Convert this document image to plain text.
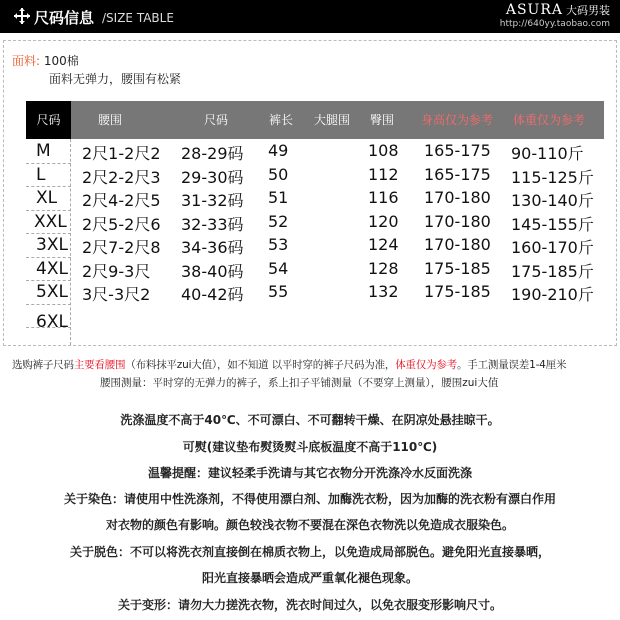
尺码信息 /SIZE TABLE	ASURA 大码男装
http://640yy.taobao.com
面料: 100棉
面料无弹力，腰围有松紧
尺码	腰围	尺码	裤长 大腿围 臀围 身高仅为参考 体重仅为参考
M 2尺1-2尺2 28-29码 49	108 165-175 90-110斤
L 2尺2-2尺3 29-30码 50	112 165-175 115-125斤
XL 2尺4-2尺5 31-32码 51	116 170-180 130-140斤
XXL 2尺5-2尺6 32-33码 52	120 170-180 145-155斤
3XL 2尺7-2尺8 34-36码 53	124 170-180 160-170斤
4XL 2尺9-3尺 38-40码 54	128 175-185 175-185斤
5XL 3尺-3尺2 40-42码 55	132 175-185 190-210斤
6XL
选购裤子尺码主要看腰围（布料抹平zui大值），如不知道 以平时穿的裤子尺码为准，体重仅为参考。手工测量误差1-4厘米
腰围测量：平时穿的无弹力的裤子，系上扣子平铺测量（不要穿上测量），腰围zui大值
洗涤温度不高于40℃、不可漂白、不可翻转干燥、在阴凉处悬挂晾干。
可熨(建议垫布熨烫熨斗底板温度不高于110℃)
温馨提醒：建议轻柔手洗请与其它衣物分开洗涤冷水反面洗涤
关于染色：请使用中性洗涤剂，不得使用漂白剂、加酶洗衣粉，因为加酶的洗衣粉有漂白作用
对衣物的颜色有影响。颜色较浅衣物不要混在深色衣物洗以免造成衣服染色。
关于脱色：不可以将洗衣剂直接倒在棉质衣物上，以免造成局部脱色。避免阳光直接暴晒，
阳光直接暴晒会造成严重氧化褪色现象。
关于变形：请勿大力搓洗衣物，洗衣时间过久，以免衣服变形影响尺寸。
